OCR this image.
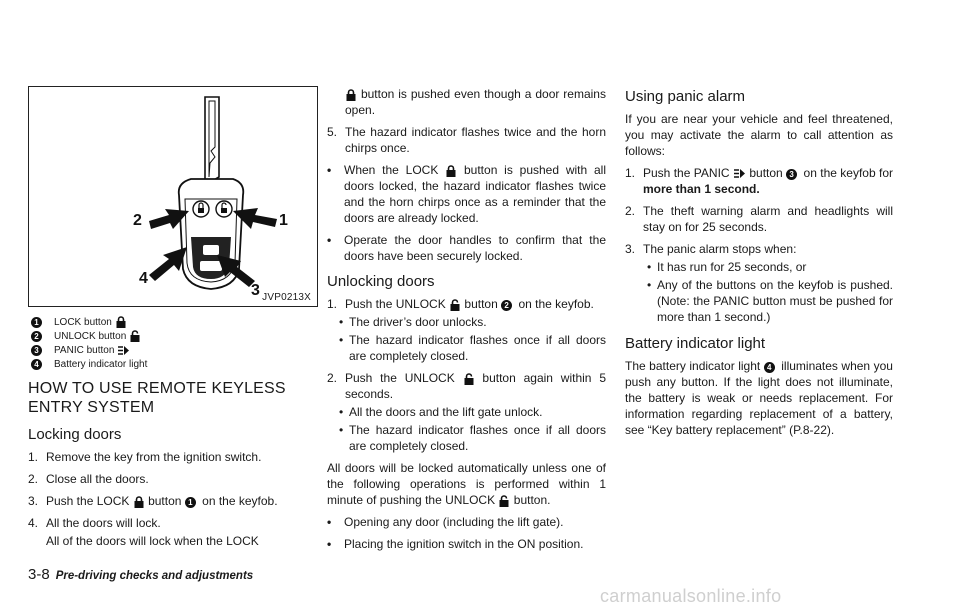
2	1
4
3 JVP0213X
1	LOCK button
2	UNLOCK button
3	PANIC button
4	Battery indicator light
HOW TO USE REMOTE KEYLESS ENTRY SYSTEM
Locking doors
1. Remove the key from the ignition switch.
2. Close all the doors.
3. Push the LOCK button 1 on the keyfob.
4. All the doors will lock.

All of the doors will lock when the LOCK

button is pushed even though a door remains open.

5. The hazard indicator flashes twice and the horn chirps once.
•	When the LOCK button is pushed with all doors locked, the hazard indicator flashes twice and the horn chirps once as a reminder that the doors are already locked.
•	Operate the door handles to confirm that the doors have been securely locked.
Unlocking doors
1. Push the UNLOCK button 2 on the keyfob.
• The driver’s door unlocks.
• The hazard indicator flashes once if all doors are completely closed.
2. Push the UNLOCK button again within 5 seconds.
• All the doors and the lift gate unlock.
• The hazard indicator flashes once if all doors are completely closed.

All doors will be locked automatically unless one of the following operations is performed within 1 minute of pushing the UNLOCK button.

•	Opening any door (including the lift gate).
•	Placing the ignition switch in the ON position.
Using panic alarm

If you are near your vehicle and feel threatened, you may activate the alarm to call attention as follows:

1. Push the PANIC button 3 on the keyfob for more than 1 second.
2. The theft warning alarm and headlights will stay on for 25 seconds.
3. The panic alarm stops when:
• It has run for 25 seconds, or
• Any of the buttons on the keyfob is pushed. (Note: the PANIC button must be pushed for more than 1 second.)
Battery indicator light

The battery indicator light 4 illuminates when you push any button. If the light does not illuminate, the battery is weak or needs replacement. For information regarding replacement of a battery, see “Key battery replacement” (P.8-22).

3-8 Pre-driving checks and adjustments
carmanualsonline.info
